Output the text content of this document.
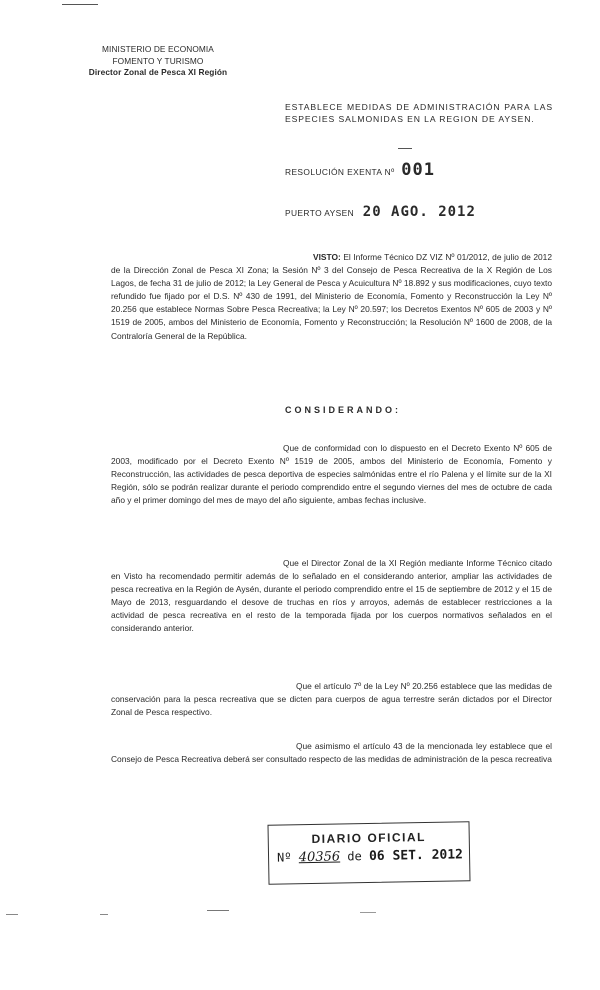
MINISTERIO DE ECONOMIA
FOMENTO Y TURISMO

Director Zonal de Pesca XI Región
ESTABLECE MEDIDAS DE ADMINISTRACIÓN PARA LAS ESPECIES SALMONIDAS EN LA REGION DE AYSEN.
RESOLUCIÓN EXENTA Nº 001
PUERTO AYSEN 20 AGO. 2012
VISTO: El Informe Técnico DZ VIZ Nº 01/2012, de julio de 2012 de la Dirección Zonal de Pesca XI Zona; la Sesión Nº 3 del Consejo de Pesca Recreativa de la X Región de Los Lagos, de fecha 31 de julio de 2012; la Ley General de Pesca y Acuicultura Nº 18.892 y sus modificaciones, cuyo texto refundido fue fijado por el D.S. Nº 430 de 1991, del Ministerio de Economía, Fomento y Reconstrucción la Ley Nº 20.256 que establece Normas Sobre Pesca Recreativa; la Ley Nº 20.597; los Decretos Exentos Nº 605 de 2003 y Nº 1519 de 2005, ambos del Ministerio de Economía, Fomento y Reconstrucción; la Resolución Nº 1600 de 2008, de la Contraloría General de la República.
CONSIDERANDO:
Que de conformidad con lo dispuesto en el Decreto Exento Nº 605 de 2003, modificado por el Decreto Exento Nº 1519 de 2005, ambos del Ministerio de Economía, Fomento y Reconstrucción, las actividades de pesca deportiva de especies salmónidas entre el río Palena y el límite sur de la XI Región, sólo se podrán realizar durante el periodo comprendido entre el segundo viernes del mes de octubre de cada año y el primer domingo del mes de mayo del año siguiente, ambas fechas inclusive.
Que el Director Zonal de la XI Región mediante Informe Técnico citado en Visto ha recomendado permitir además de lo señalado en el considerando anterior, ampliar las actividades de pesca recreativa en la Región de Aysén, durante el periodo comprendido entre el 15 de septiembre de 2012 y el 15 de Mayo de 2013, resguardando el desove de truchas en ríos y arroyos, además de establecer restricciones a la actividad de pesca recreativa en el resto de la temporada fijada por los cuerpos normativos señalados en el considerando anterior.
Que el artículo 7º de la Ley Nº 20.256 establece que las medidas de conservación para la pesca recreativa que se dicten para cuerpos de agua terrestre serán dictados por el Director Zonal de Pesca respectivo.
Que asimismo el artículo 43 de la mencionada ley establece que el Consejo de Pesca Recreativa deberá ser consultado respecto de las medidas de administración de la pesca recreativa
DIARIO OFICIAL
Nº 40356 de 06 SET. 2012
